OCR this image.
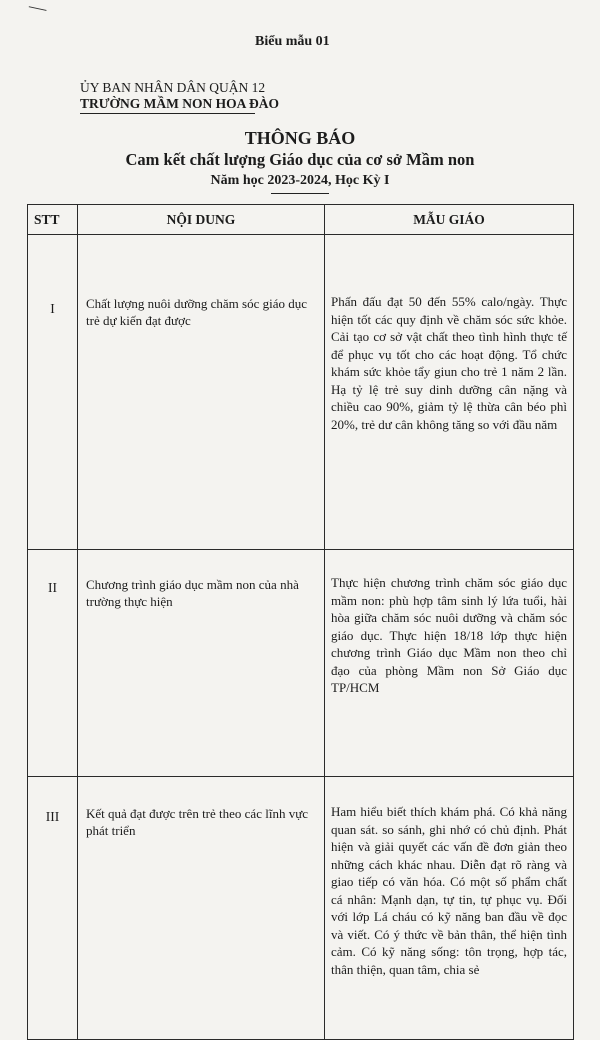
Biểu mẫu 01
ỦY BAN NHÂN DÂN QUẬN 12
TRƯỜNG MẦM NON HOA ĐÀO
THÔNG BÁO
Cam kết chất lượng Giáo dục của cơ sở Mầm non
Năm học 2023-2024, Học Kỳ I
STT	NỘI DUNG	MẪU GIÁO
I	Chất lượng nuôi dưỡng chăm sóc giáo dục trẻ dự kiến đạt được	Phấn đấu đạt 50 đến 55% calo/ngày. Thực hiện tốt các quy định về chăm sóc sức khỏe. Cải tạo cơ sở vật chất theo tình hình thực tế để phục vụ tốt cho các hoạt động. Tổ chức khám sức khỏe tẩy giun cho trẻ 1 năm 2 lần. Hạ tỷ lệ trẻ suy dinh dưỡng cân nặng và chiều cao 90%, giảm tỷ lệ thừa cân béo phì 20%, trẻ dư cân không tăng so với đầu năm
II	Chương trình giáo dục mầm non của nhà trường thực hiện	Thực hiện chương trình chăm sóc giáo dục mầm non: phù hợp tâm sinh lý lứa tuổi, hài hòa giữa chăm sóc nuôi dưỡng và chăm sóc giáo dục. Thực hiện 18/18 lớp thực hiện chương trình Giáo dục Mầm non theo chỉ đạo của phòng Mầm non Sở Giáo dục TP/HCM
III	Kết quả đạt được trên trẻ theo các lĩnh vực phát triển	Ham hiểu biết thích khám phá. Có khả năng quan sát. so sánh, ghi nhớ có chủ định. Phát hiện và giải quyết các vấn đề đơn giản theo những cách khác nhau. Diễn đạt rõ ràng và giao tiếp có văn hóa. Có một số phẩm chất cá nhân: Mạnh dạn, tự tin, tự phục vụ. Đối với lớp Lá cháu có kỹ năng ban đầu về đọc và viết. Có ý thức về bản thân, thể hiện tình cảm. Có kỹ năng sống: tôn trọng, hợp tác, thân thiện, quan tâm, chia sẻ
